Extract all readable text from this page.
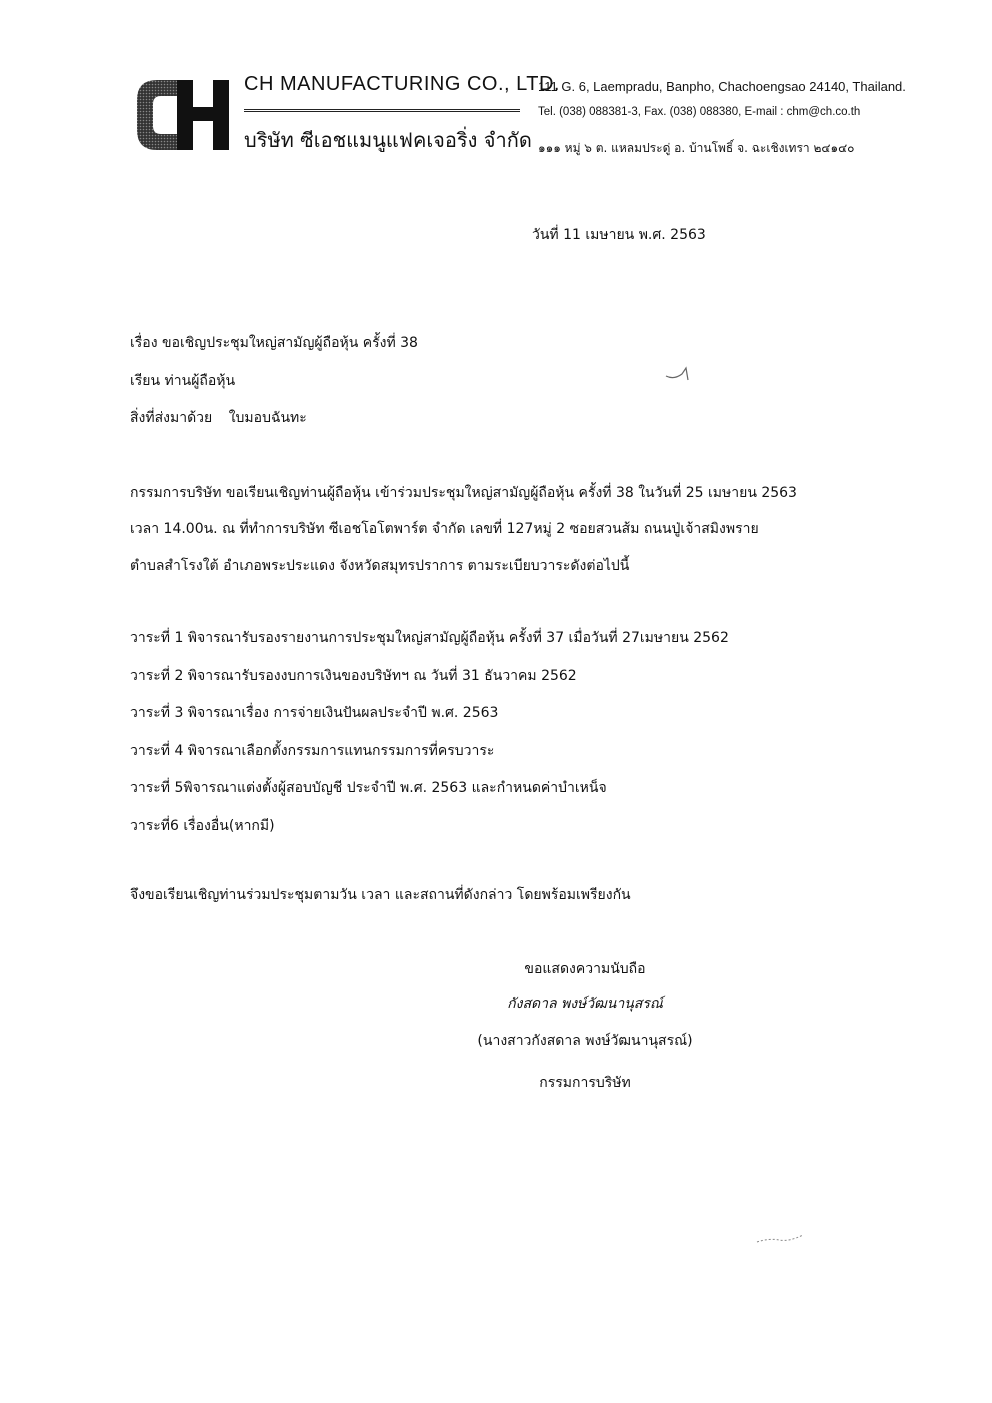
CH MANUFACTURING CO., LTD.
บริษัท ซีเอชแมนูแฟคเจอริ่ง จำกัด
111 G. 6, Laempradu, Banpho, Chachoengsao 24140, Thailand.
Tel. (038) 088381-3, Fax. (038) 088380, E-mail : chm@ch.co.th
๑๑๑ หมู่ ๖ ต. แหลมประดู่ อ. บ้านโพธิ์ จ. ฉะเชิงเทรา ๒๔๑๔๐
วันที่ 11 เมษายน พ.ศ. 2563
เรื่อง ขอเชิญประชุมใหญ่สามัญผู้ถือหุ้น ครั้งที่ 38
เรียน ท่านผู้ถือหุ้น
สิ่งที่ส่งมาด้วย ใบมอบฉันทะ
กรรมการบริษัท ขอเรียนเชิญท่านผู้ถือหุ้น เข้าร่วมประชุมใหญ่สามัญผู้ถือหุ้น ครั้งที่ 38 ในวันที่ 25 เมษายน 2563
เวลา 14.00น. ณ ที่ทำการบริษัท ซีเอชโอโตพาร์ต จำกัด เลขที่ 127หมู่ 2 ซอยสวนส้ม ถนนปู่เจ้าสมิงพราย
ตำบลสำโรงใต้ อำเภอพระประแดง จังหวัดสมุทรปราการ ตามระเบียบวาระดังต่อไปนี้
วาระที่ 1 พิจารณารับรองรายงานการประชุมใหญ่สามัญผู้ถือหุ้น ครั้งที่ 37 เมื่อวันที่ 27เมษายน 2562
วาระที่ 2 พิจารณารับรองงบการเงินของบริษัทฯ ณ วันที่ 31 ธันวาคม 2562
วาระที่ 3 พิจารณาเรื่อง การจ่ายเงินปันผลประจำปี พ.ศ. 2563
วาระที่ 4 พิจารณาเลือกตั้งกรรมการแทนกรรมการที่ครบวาระ
วาระที่ 5พิจารณาแต่งตั้งผู้สอบบัญชี ประจำปี พ.ศ. 2563 และกำหนดค่าบำเหน็จ
วาระที่6 เรื่องอื่น(หากมี)
จึงขอเรียนเชิญท่านร่วมประชุมตามวัน เวลา และสถานที่ดังกล่าว โดยพร้อมเพรียงกัน
ขอแสดงความนับถือ
กังสดาล พงษ์วัฒนานุสรณ์
(นางสาวกังสดาล พงษ์วัฒนานุสรณ์)
กรรมการบริษัท
